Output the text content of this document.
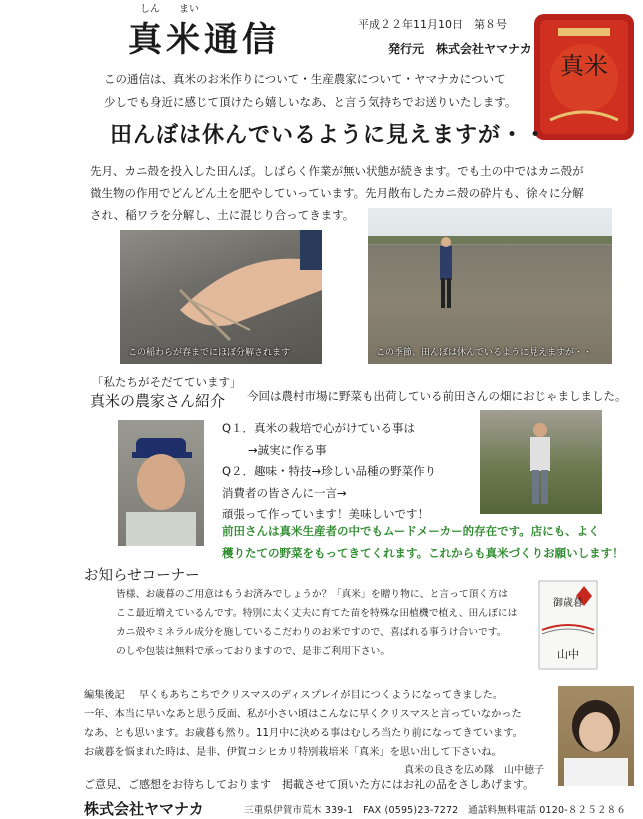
しん まい
真米通信	平成２２年11月10日　第８号
発行元　株式会社ヤマナカ
この通信は、真米のお米作りについて・生産農家について・ヤマナカについて
少しでも身近に感じて頂けたら嬉しいなあ、と言う気持ちでお送りいたします。
真米
田んぼは休んでいるように見えますが・・
先月、カニ殻を投入した田んぼ。しばらく作業が無い状態が続きます。でも土の中ではカニ殻が
微生物の作用でどんどん土を肥やしていっています。先月散布したカニ殻の砕片も、徐々に分解
され、稲ワラを分解し、土に混じり合ってきます。
この稲わらが春までにほぼ分解されます	この季節、田んぼは休んでいるように見えますが・・
「私たちがそだてています」
真米の農家さん紹介 今回は農村市場に野菜も出荷している前田さんの畑におじゃましました。
Q１．真米の栽培で心がけている事は
→誠実に作る事
Q２．趣味・特技→珍しい品種の野菜作り
消費者の皆さんに一言→
頑張って作っています！美味しいです！
前田さんは真米生産者の中でもムードメーカー的存在です。店にも、よく
穫りたての野菜をもってきてくれます。これからも真米づくりお願いします！
お知らせコーナー
皆様、お歳暮のご用意はもうお済みでしょうか？「真米」を贈り物に、と言って頂く方は
ここ最近増えているんです。特別に太く丈夫に育てた苗を特殊な田植機で植え、田んぼには
カニ殻やミネラル成分を施しているこだわりのお米ですので、喜ばれる事うけ合いです。
のしや包装は無料で承っておりますので、是非ご利用下さい。
御歳暮
山中
編集後記 早くもあちこちでクリスマスのディスプレイが目につくようになってきました。
一年、本当に早いなあと思う反面、私が小さい頃はこんなに早くクリスマスと言っていなかった
なあ、とも思います。お歳暮も然り。11月中に決める事はむしろ当たり前になってきています。
お歳暮を悩まれた時は、是非、伊賀コシヒカリ特別栽培米「真米」を思い出して下さいね。
真米の良さを広め隊　山中徳子
ご意見、ご感想をお待ちしております　掲載させて頂いた方にはお礼の品をさしあげます。
株式会社ヤマナカ	三重県伊賀市荒木 339-1　FAX (0595)23-7272　通話料無料電話 0120-８２５２８６
